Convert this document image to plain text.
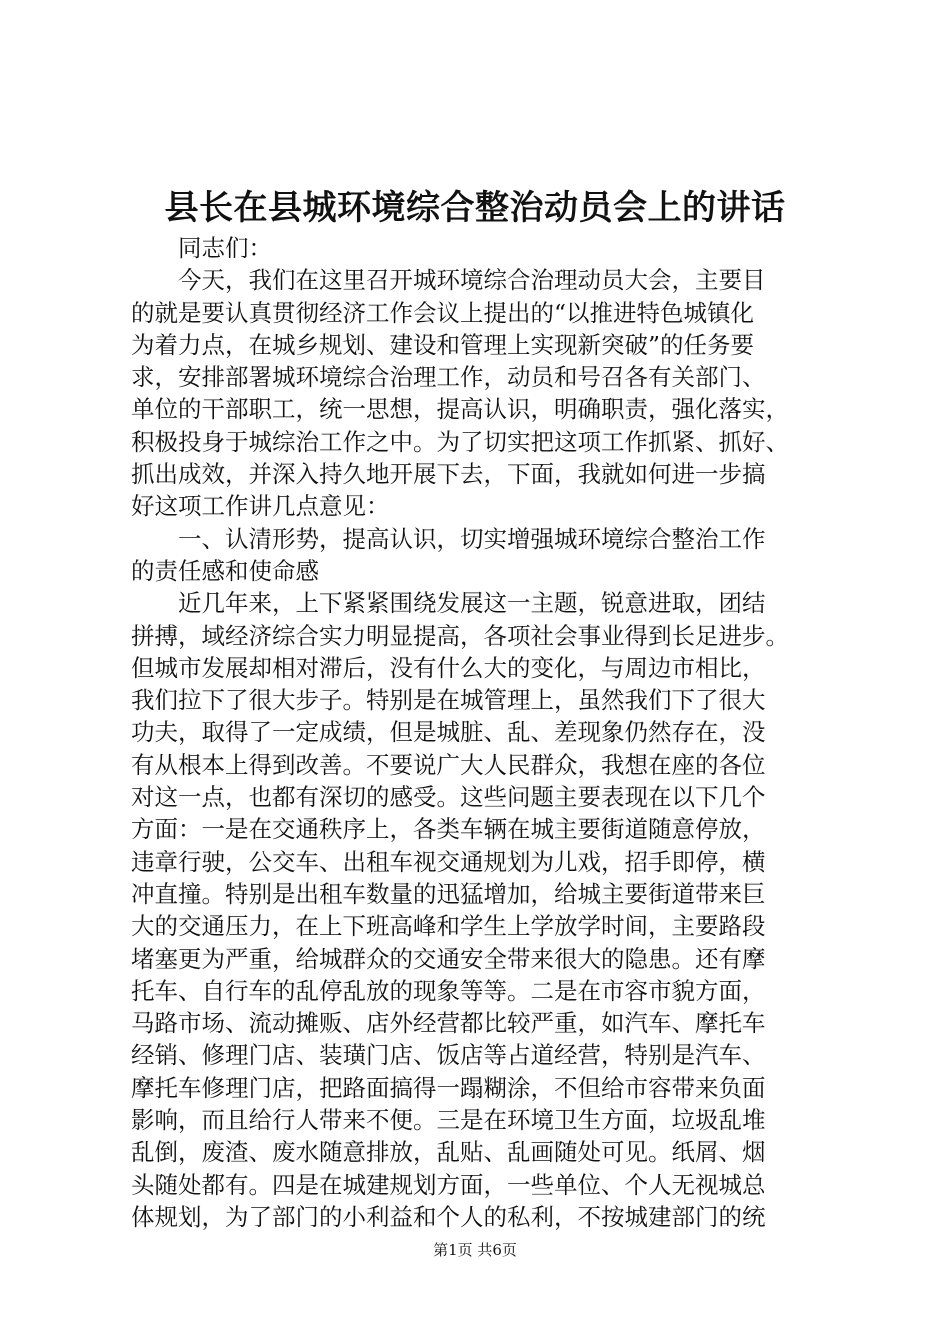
县长在县城环境综合整治动员会上的讲话
同志们：
今天，我们在这里召开城环境综合治理动员大会，主要目
的就是要认真贯彻经济工作会议上提出的“以推进特色城镇化
为着力点，在城乡规划、建设和管理上实现新突破”的任务要
求，安排部署城环境综合治理工作，动员和号召各有关部门、
单位的干部职工，统一思想，提高认识，明确职责，强化落实，
积极投身于城综治工作之中。为了切实把这项工作抓紧、抓好、
抓出成效，并深入持久地开展下去，下面，我就如何进一步搞
好这项工作讲几点意见：
一、认清形势，提高认识，切实增强城环境综合整治工作
的责任感和使命感
近几年来，上下紧紧围绕发展这一主题，锐意进取，团结
拼搏，域经济综合实力明显提高，各项社会事业得到长足进步。
但城市发展却相对滞后，没有什么大的变化，与周边市相比，
我们拉下了很大步子。特别是在城管理上，虽然我们下了很大
功夫，取得了一定成绩，但是城脏、乱、差现象仍然存在，没
有从根本上得到改善。不要说广大人民群众，我想在座的各位
对这一点，也都有深切的感受。这些问题主要表现在以下几个
方面：一是在交通秩序上，各类车辆在城主要街道随意停放，
违章行驶，公交车、出租车视交通规划为儿戏，招手即停，横
冲直撞。特别是出租车数量的迅猛增加，给城主要街道带来巨
大的交通压力，在上下班高峰和学生上学放学时间，主要路段
堵塞更为严重，给城群众的交通安全带来很大的隐患。还有摩
托车、自行车的乱停乱放的现象等等。二是在市容市貌方面，
马路市场、流动摊贩、店外经营都比较严重，如汽车、摩托车
经销、修理门店、装璜门店、饭店等占道经营，特别是汽车、
摩托车修理门店，把路面搞得一蹋糊涂，不但给市容带来负面
影响，而且给行人带来不便。三是在环境卫生方面，垃圾乱堆
乱倒，废渣、废水随意排放，乱贴、乱画随处可见。纸屑、烟
头随处都有。四是在城建规划方面，一些单位、个人无视城总
体规划，为了部门的小利益和个人的私利，不按城建部门的统
第1页 共6页
